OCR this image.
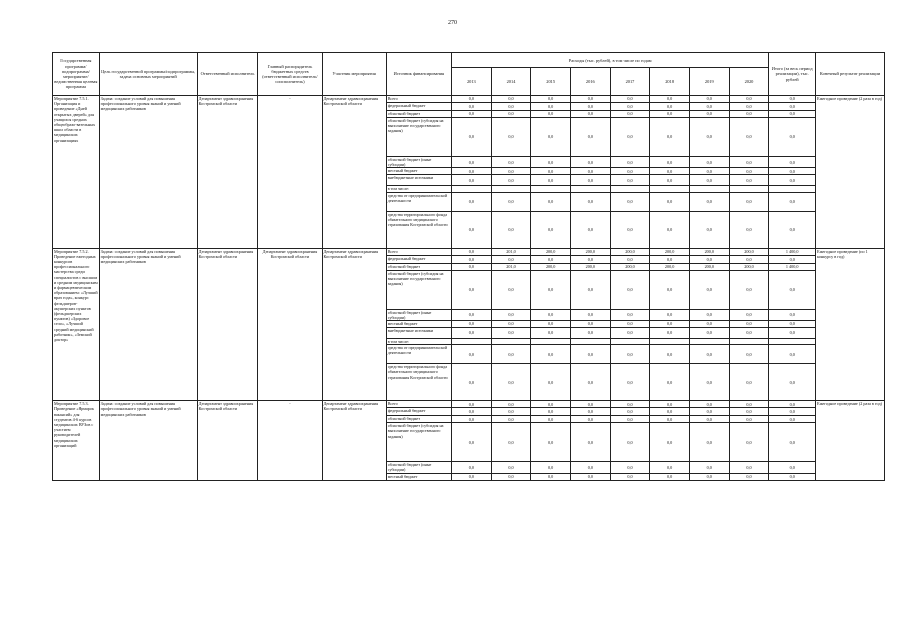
270
Государственная программа/подпрограмма/ мероприятие/ ведомственная целевая программа	Цель государственной программы/подпрограммы, задача основных мероприятий	Ответственный исполнитель	Главный распорядитель бюджетных средств (ответственный исполнитель/ соисполнитель)	Участник мероприятия	Источник финансирования	Расходы (тыс. рублей), в том числе по годам								Итого (за весь период реализации), тыс. рублей	Конечный результат реализации
						2013	2014	2015	2016	2017	2018	2019	2020		
Мероприятие 7.5.1. Организация и проведение «Дней открытых дверей» для учащихся средних общеобразо-вательных школ области в медицинских организациях	Задача: создание условий для повышения профессионального уровня знаний и умений медицинских работников	Департамент здравоохранения Костромской области	-	Департамент здравоохранения Костромской области	Всего	0,0	0,0	0,0	0,0	0,0	0,0	0,0	0,0	0,0	Ежегодное проведение (2 раза в год)
					федеральный бюджет	0,0	0,0	0,0	0,0	0,0	0,0	0,0	0,0	0,0	
					областной бюджет	0,0	0,0	0,0	0,0	0,0	0,0	0,0	0,0	0,0	
					областной бюджет (субсидия на выполнение государственного задания)	0,0	0,0	0,0	0,0	0,0	0,0	0,0	0,0	0,0	
					областной бюджет (иные субсидии)	0,0	0,0	0,0	0,0	0,0	0,0	0,0	0,0	0,0	
					местный бюджет	0,0	0,0	0,0	0,0	0,0	0,0	0,0	0,0	0,0	
					внебюджетные источники	0,0	0,0	0,0	0,0	0,0	0,0	0,0	0,0	0,0	
					в том числе:										
					средства от предпринимательской деятельности	0,0	0,0	0,0	0,0	0,0	0,0	0,0	0,0	0,0	
					средства территориального фонда обязательного медицинского страхования Костромской области	0,0	0,0	0,0	0,0	0,0	0,0	0,0	0,0	0,0	
Мероприятие 7.5.2. Проведение ежегодных конкурсов профессионального мастерства среди специалистов с высшим и средним медицинским и фармацевтическим образованием: «Лучший врач года», конкурс фельдшеров-акушерских пунктов (фельдшерских пунктов) «Здоровое село», «Лучший средний медицинский работник», «Земский доктор»	Задача: создание условий для повышения профессионального уровня знаний и умений медицинских работников	Департамент здравоохранения Костромской области	Департамент здравоохранения Костромской области	Департамент здравоохранения Костромской области	Всего	0,0	201,0	200,0	200,0	200,0	200,0	200,0	200,0	1 400,0	Ежегодное проведение (по 1 конкурсу в год)
					федеральный бюджет	0,0	0,0	0,0	0,0	0,0	0,0	0,0	0,0	0,0	
					областной бюджет	0,0	201,0	200,0	200,0	200,0	200,0	200,0	200,0	1 400,0	
					областной бюджет (субсидия на выполнение государственного задания)	0,0	0,0	0,0	0,0	0,0	0,0	0,0	0,0	0,0	
					областной бюджет (иные субсидии)	0,0	0,0	0,0	0,0	0,0	0,0	0,0	0,0	0,0	
					местный бюджет	0,0	0,0	0,0	0,0	0,0	0,0	0,0	0,0	0,0	
					внебюджетные источники	0,0	0,0	0,0	0,0	0,0	0,0	0,0	0,0	0,0	
					в том числе:										
					средства от предпринимательской деятельности	0,0	0,0	0,0	0,0	0,0	0,0	0,0	0,0	0,0	
					средства территориального фонда обязательного медицинского страхования Костромской области	0,0	0,0	0,0	0,0	0,0	0,0	0,0	0,0	0,0	
Мероприятие 7.5.3. Проведение «Ярмарок вакансий» для студентов 4-6 курсов медицинских ВУЗов с участием руководителей медицинских организаций	Задача: создание условий для повышения профессионального уровня знаний и умений медицинских работников	Департамент здравоохранения Костромской области	-	Департамент здравоохранения Костромской области	Всего	0,0	0,0	0,0	0,0	0,0	0,0	0,0	0,0	0,0	Ежегодное проведение (2 раза в год)
					федеральный бюджет	0,0	0,0	0,0	0,0	0,0	0,0	0,0	0,0	0,0	
					областной бюджет	0,0	0,0	0,0	0,0	0,0	0,0	0,0	0,0	0,0	
					областной бюджет (субсидия на выполнение государственного задания)	0,0	0,0	0,0	0,0	0,0	0,0	0,0	0,0	0,0	
					областной бюджет (иные субсидии)	0,0	0,0	0,0	0,0	0,0	0,0	0,0	0,0	0,0	
					местный бюджет	0,0	0,0	0,0	0,0	0,0	0,0	0,0	0,0	0,0	
